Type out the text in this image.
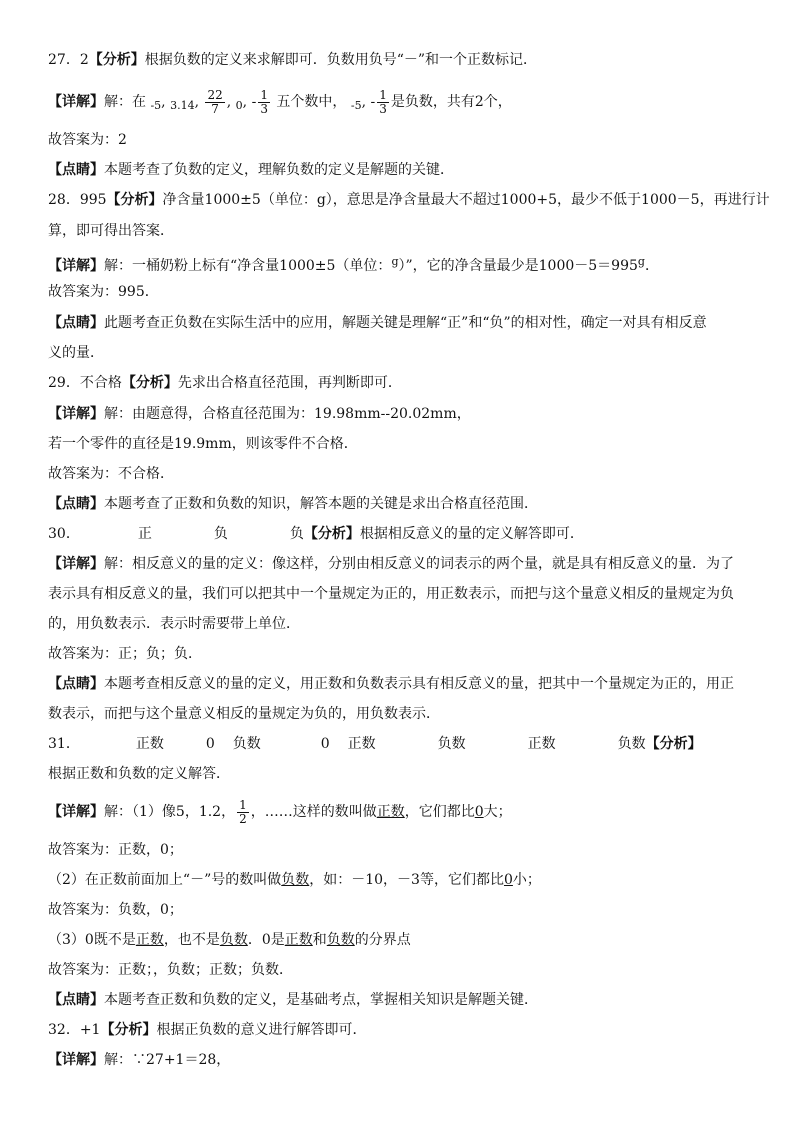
27．2【分析】根据负数的定义来求解即可．负数用负号“－”和一个正数标记．
【详解】解：在 $_{-5}$, $_{3.14}$, $\frac{22}{7}$ , $_0$, - $\frac{1}{3}$ 五个数中， $_{-5}$, - $\frac{1}{3}$ 是负数，共有2个，
故答案为：2
【点睛】本题考查了负数的定义，理解负数的定义是解题的关键．
28．995【分析】净含量1000±5（单位：g），意思是净含量最大不超过1000+5，最少不低于1000－5，再进行计
算，即可得出答案．
【详解】解：一桶奶粉上标有“净含量1000±5（单位：$^g$）”，它的净含量最少是$1000-5=995^g$．
故答案为：995．
【点睛】此题考查正负数在实际生活中的应用，解题关键是理解“正”和“负”的相对性，确定一对具有相反意
义的量．
29．不合格【分析】先求出合格直径范围，再判断即可．
【详解】解：由题意得，合格直径范围为：19.98mm--20.02mm，
若一个零件的直径是19.9mm，则该零件不合格．
故答案为：不合格．
【点睛】本题考查了正数和负数的知识，解答本题的关键是求出合格直径范围．
30．	正	负	负【分析】根据相反意义的量的定义解答即可．
【详解】解：相反意义的量的定义：像这样，分别由相反意义的词表示的两个量，就是具有相反意义的量．为了
表示具有相反意义的量，我们可以把其中一个量规定为正的，用正数表示，而把与这个量意义相反的量规定为负
的，用负数表示．表示时需要带上单位．
故答案为：正；负；负．
【点睛】本题考查相反意义的量的定义，用正数和负数表示具有相反意义的量，把其中一个量规定为正的，用正
数表示，而把与这个量意义相反的量规定为负的，用负数表示．
31．	正数	0 负数	0 正数	负数	正数	负数【分析】
根据正数和负数的定义解答．
【详解】解：（1）像5，1.2， $\frac{1}{2}$ ，……这样的数叫做正数，它们都比0大；
故答案为：正数，0；
（2）在正数前面加上“－”号的数叫做负数，如：－10，－3等，它们都比0小；
故答案为：负数，0；
（3）0既不是正数，也不是负数．0是正数和负数的分界点
故答案为：正数；，负数；正数；负数．
【点睛】本题考查正数和负数的定义，是基础考点，掌握相关知识是解题关键．
32．+1【分析】根据正负数的意义进行解答即可．
【详解】解：∵27+1＝28，
